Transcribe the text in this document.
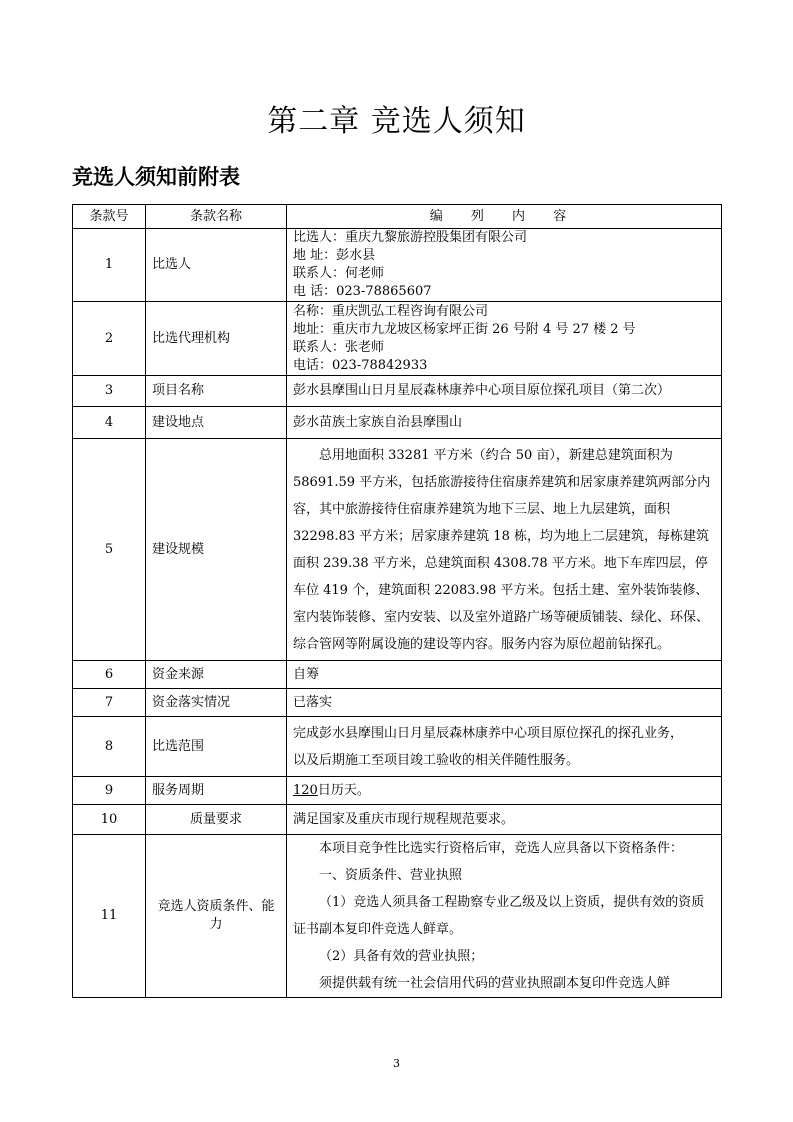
第二章 竞选人须知
竞选人须知前附表
条款号	条款名称	编 列 内 容
1	比选人	比选人：重庆九黎旅游控股集团有限公司
地 址：彭水县
联系人：何老师
电 话：023-78865607

2	比选代理机构	名称：重庆凯弘工程咨询有限公司
地址：重庆市九龙坡区杨家坪正街 26 号附 4 号 27 楼 2 号
联系人：张老师
电话：023-78842933

3	项目名称	彭水县摩围山日月星辰森林康养中心项目原位探孔项目（第二次）
4	建设地点	彭水苗族土家族自治县摩围山
5	建设规模	总用地面积 33281 平方米（约合 50 亩），新建总建筑面积为 58691.59 平方米，包括旅游接待住宿康养建筑和居家康养建筑两部分内容，其中旅游接待住宿康养建筑为地下三层、地上九层建筑，面积 32298.83 平方米；居家康养建筑 18 栋，均为地上二层建筑，每栋建筑面积 239.38 平方米，总建筑面积 4308.78 平方米。地下车库四层，停车位 419 个，建筑面积 22083.98 平方米。包括土建、室外装饰装修、室内装饰装修、室内安装、以及室外道路广场等硬质铺装、绿化、环保、综合管网等附属设施的建设等内容。服务内容为原位超前钻探孔。
6	资金来源	自筹
7	资金落实情况	已落实
8	比选范围	完成彭水县摩围山日月星辰森林康养中心项目原位探孔的探孔业务，
以及后期施工至项目竣工验收的相关伴随性服务。

9	服务周期	120日历天。
10	质量要求	满足国家及重庆市现行规程规范要求。
11	竞选人资质条件、能力	本项目竞争性比选实行资格后审，竞选人应具备以下资格条件：
一、资质条件、营业执照
（1）竞选人须具备工程勘察专业乙级及以上资质，提供有效的资质证书副本复印件竞选人鲜章。
（2）具备有效的营业执照；
须提供载有统一社会信用代码的营业执照副本复印件竞选人鲜
3
